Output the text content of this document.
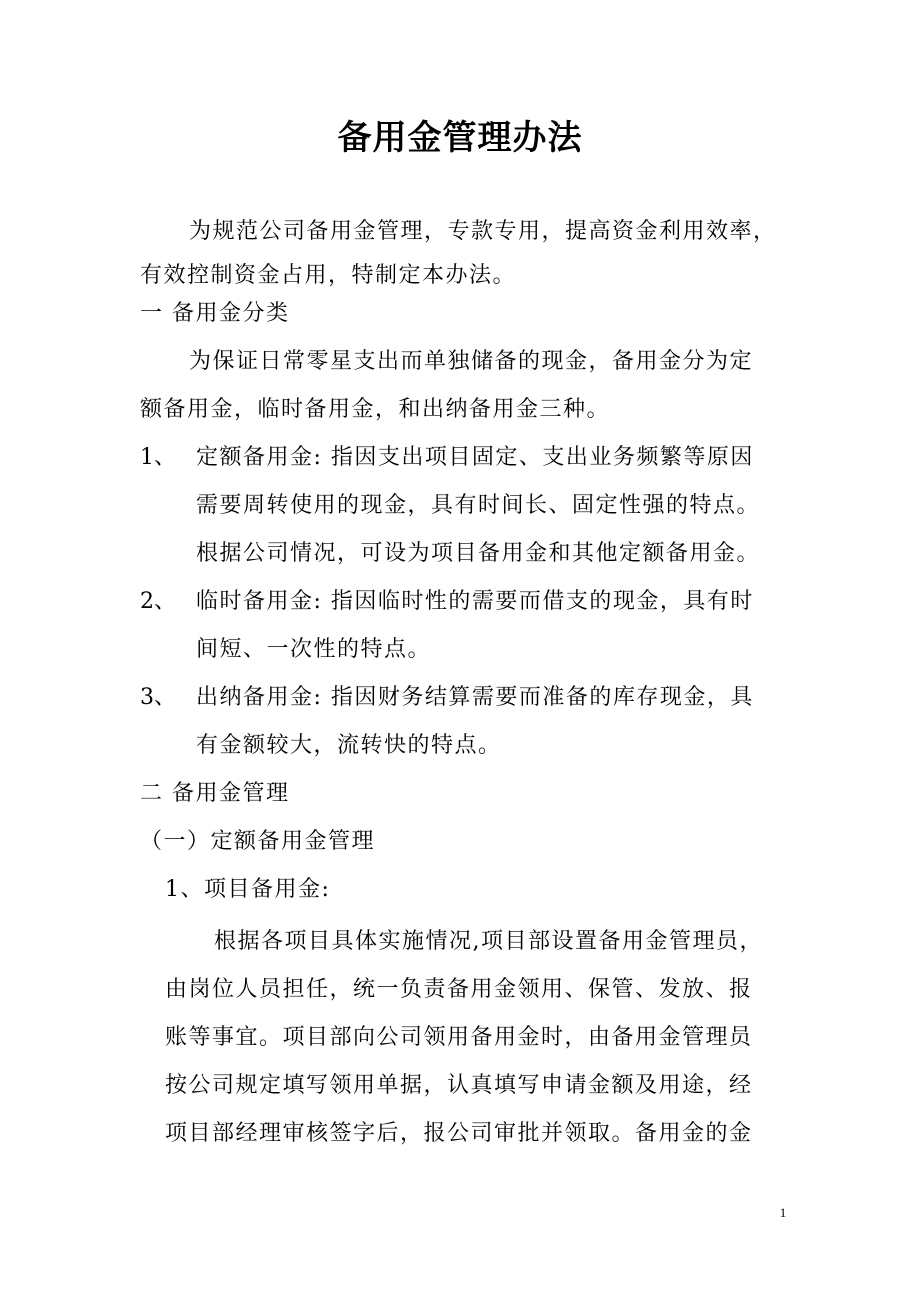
备用金管理办法
为规范公司备用金管理，专款专用，提高资金利用效率，
有效控制资金占用，特制定本办法。
一 备用金分类
为保证日常零星支出而单独储备的现金，备用金分为定
额备用金，临时备用金，和出纳备用金三种。
1、 定额备用金: 指因支出项目固定、支出业务频繁等原因
需要周转使用的现金，具有时间长、固定性强的特点。
根据公司情况，可设为项目备用金和其他定额备用金。
2、 临时备用金: 指因临时性的需要而借支的现金，具有时
间短、一次性的特点。
3、 出纳备用金: 指因财务结算需要而准备的库存现金，具
有金额较大，流转快的特点。
二 备用金管理
（一）定额备用金管理
1、项目备用金:
根据各项目具体实施情况,项目部设置备用金管理员，
由岗位人员担任，统一负责备用金领用、保管、发放、报
账等事宜。项目部向公司领用备用金时，由备用金管理员
按公司规定填写领用单据，认真填写申请金额及用途，经
项目部经理审核签字后，报公司审批并领取。备用金的金
1
